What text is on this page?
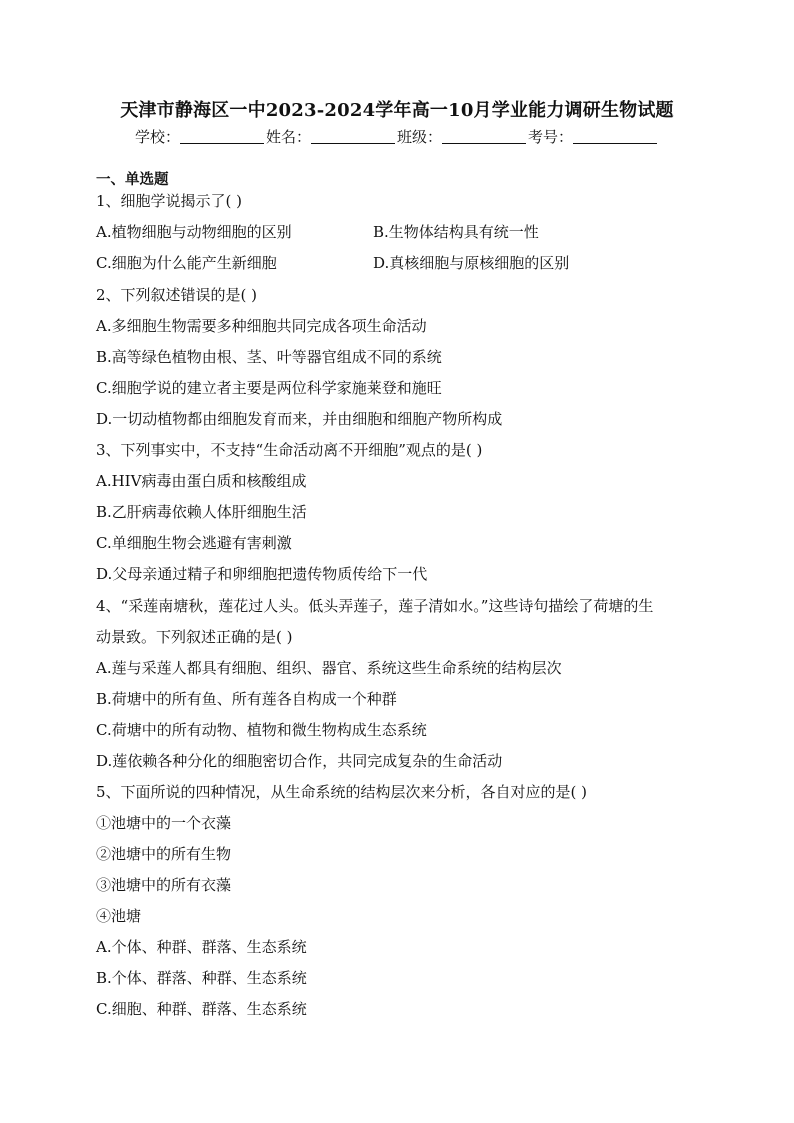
天津市静海区一中2023-2024学年高一10月学业能力调研生物试题
学校：	姓名：	班级：	考号：
一、单选题
1、细胞学说揭示了( )
A.植物细胞与动物细胞的区别	B.生物体结构具有统一性
C.细胞为什么能产生新细胞	D.真核细胞与原核细胞的区别
2、下列叙述错误的是( )
A.多细胞生物需要多种细胞共同完成各项生命活动
B.高等绿色植物由根、茎、叶等器官组成不同的系统
C.细胞学说的建立者主要是两位科学家施莱登和施旺
D.一切动植物都由细胞发育而来，并由细胞和细胞产物所构成
3、下列事实中，不支持“生命活动离不开细胞”观点的是( )
A.HIV病毒由蛋白质和核酸组成
B.乙肝病毒依赖人体肝细胞生活
C.单细胞生物会逃避有害刺激
D.父母亲通过精子和卵细胞把遗传物质传给下一代
4、“采莲南塘秋，莲花过人头。低头弄莲子，莲子清如水。”这些诗句描绘了荷塘的生
动景致。下列叙述正确的是( )
A.莲与采莲人都具有细胞、组织、器官、系统这些生命系统的结构层次
B.荷塘中的所有鱼、所有莲各自构成一个种群
C.荷塘中的所有动物、植物和微生物构成生态系统
D.莲依赖各种分化的细胞密切合作，共同完成复杂的生命活动
5、下面所说的四种情况，从生命系统的结构层次来分析，各自对应的是( )
①池塘中的一个衣藻
②池塘中的所有生物
③池塘中的所有衣藻
④池塘
A.个体、种群、群落、生态系统
B.个体、群落、种群、生态系统
C.细胞、种群、群落、生态系统
